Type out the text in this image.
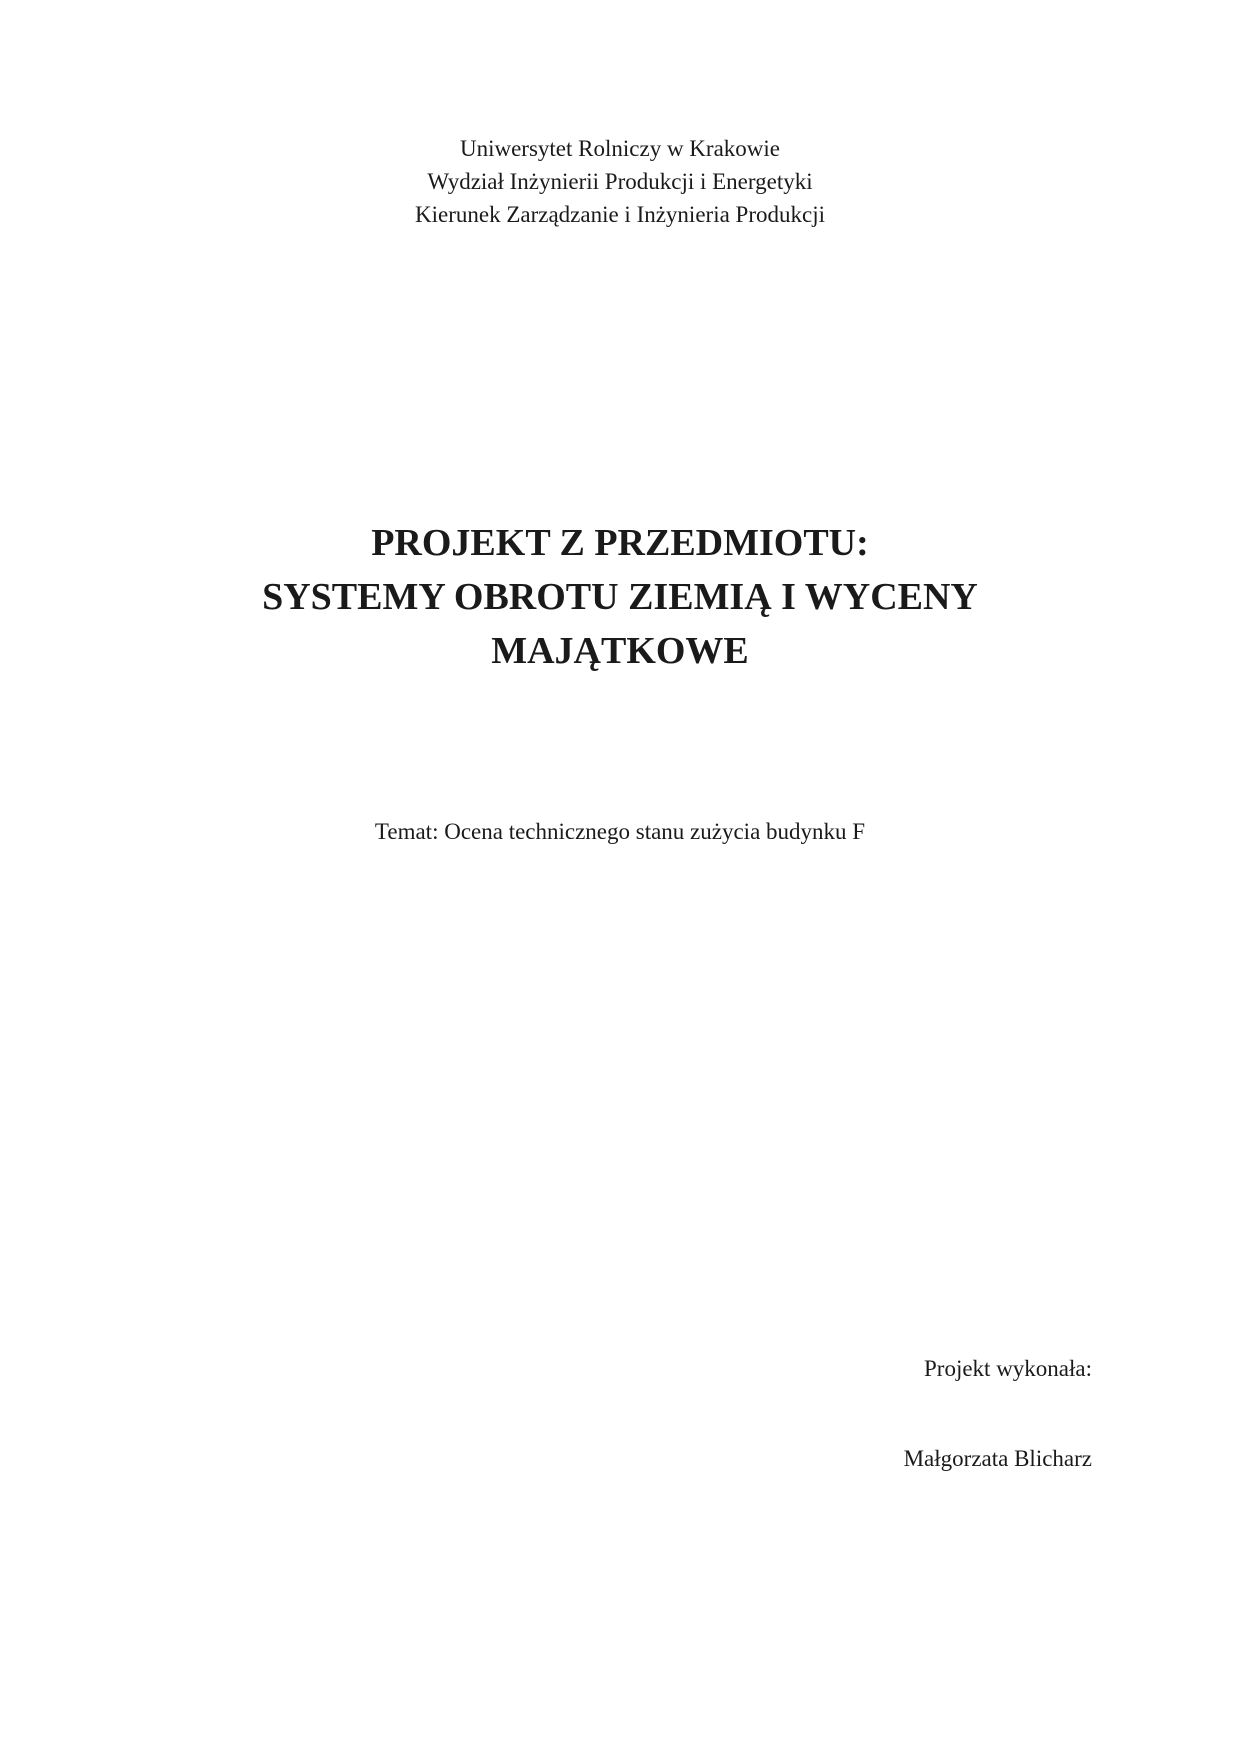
Uniwersytet Rolniczy w Krakowie
Wydział Inżynierii Produkcji i Energetyki
Kierunek Zarządzanie i Inżynieria Produkcji
PROJEKT Z PRZEDMIOTU:
SYSTEMY OBROTU ZIEMIĄ I WYCENY
MAJĄTKOWE
Temat: Ocena technicznego stanu zużycia budynku F
Projekt wykonała:
Małgorzata Blicharz
